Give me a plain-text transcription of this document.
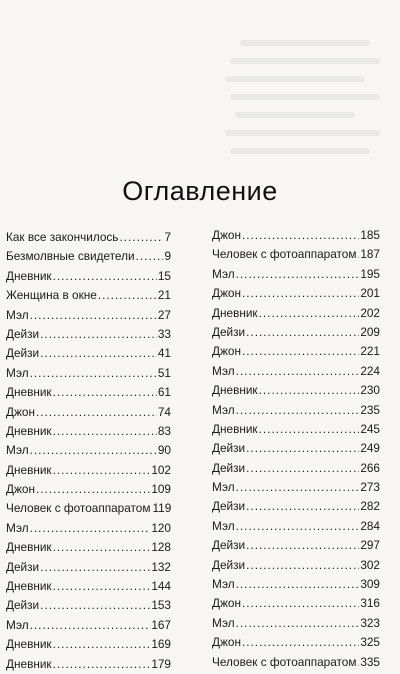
Оглавление
Как все закончилось .....	7
Безмолвные свидетели .....	9
Дневник .....	15
Женщина в окне .....	21
Мэл .....	27
Дейзи .....	33
Дейзи .....	41
Мэл .....	51
Дневник .....	61
Джон .....	74
Дневник .....	83
Мэл .....	90
Дневник .....	102
Джон .....	109
Человек с фотоаппаратом 119
Мэл .....	120
Дневник .....	128
Дейзи .....	132
Дневник .....	144
Дейзи .....	153
Мэл .....	167
Дневник .....	169
Дневник .....	179
Джон .....	185
Человек с фотоаппаратом ..... 187
Мэл .....	195
Джон .....	201
Дневник .....	202
Дейзи .....	209
Джон .....	221
Мэл .....	224
Дневник .....	230
Мэл .....	235
Дневник .....	245
Дейзи .....	249
Дейзи .....	266
Мэл .....	273
Дейзи .....	282
Мэл .....	284
Дейзи .....	297
Дейзи .....	302
Мэл .....	309
Джон .....	316
Мэл .....	323
Джон .....	325
Человек с фотоаппаратом ..... 335
